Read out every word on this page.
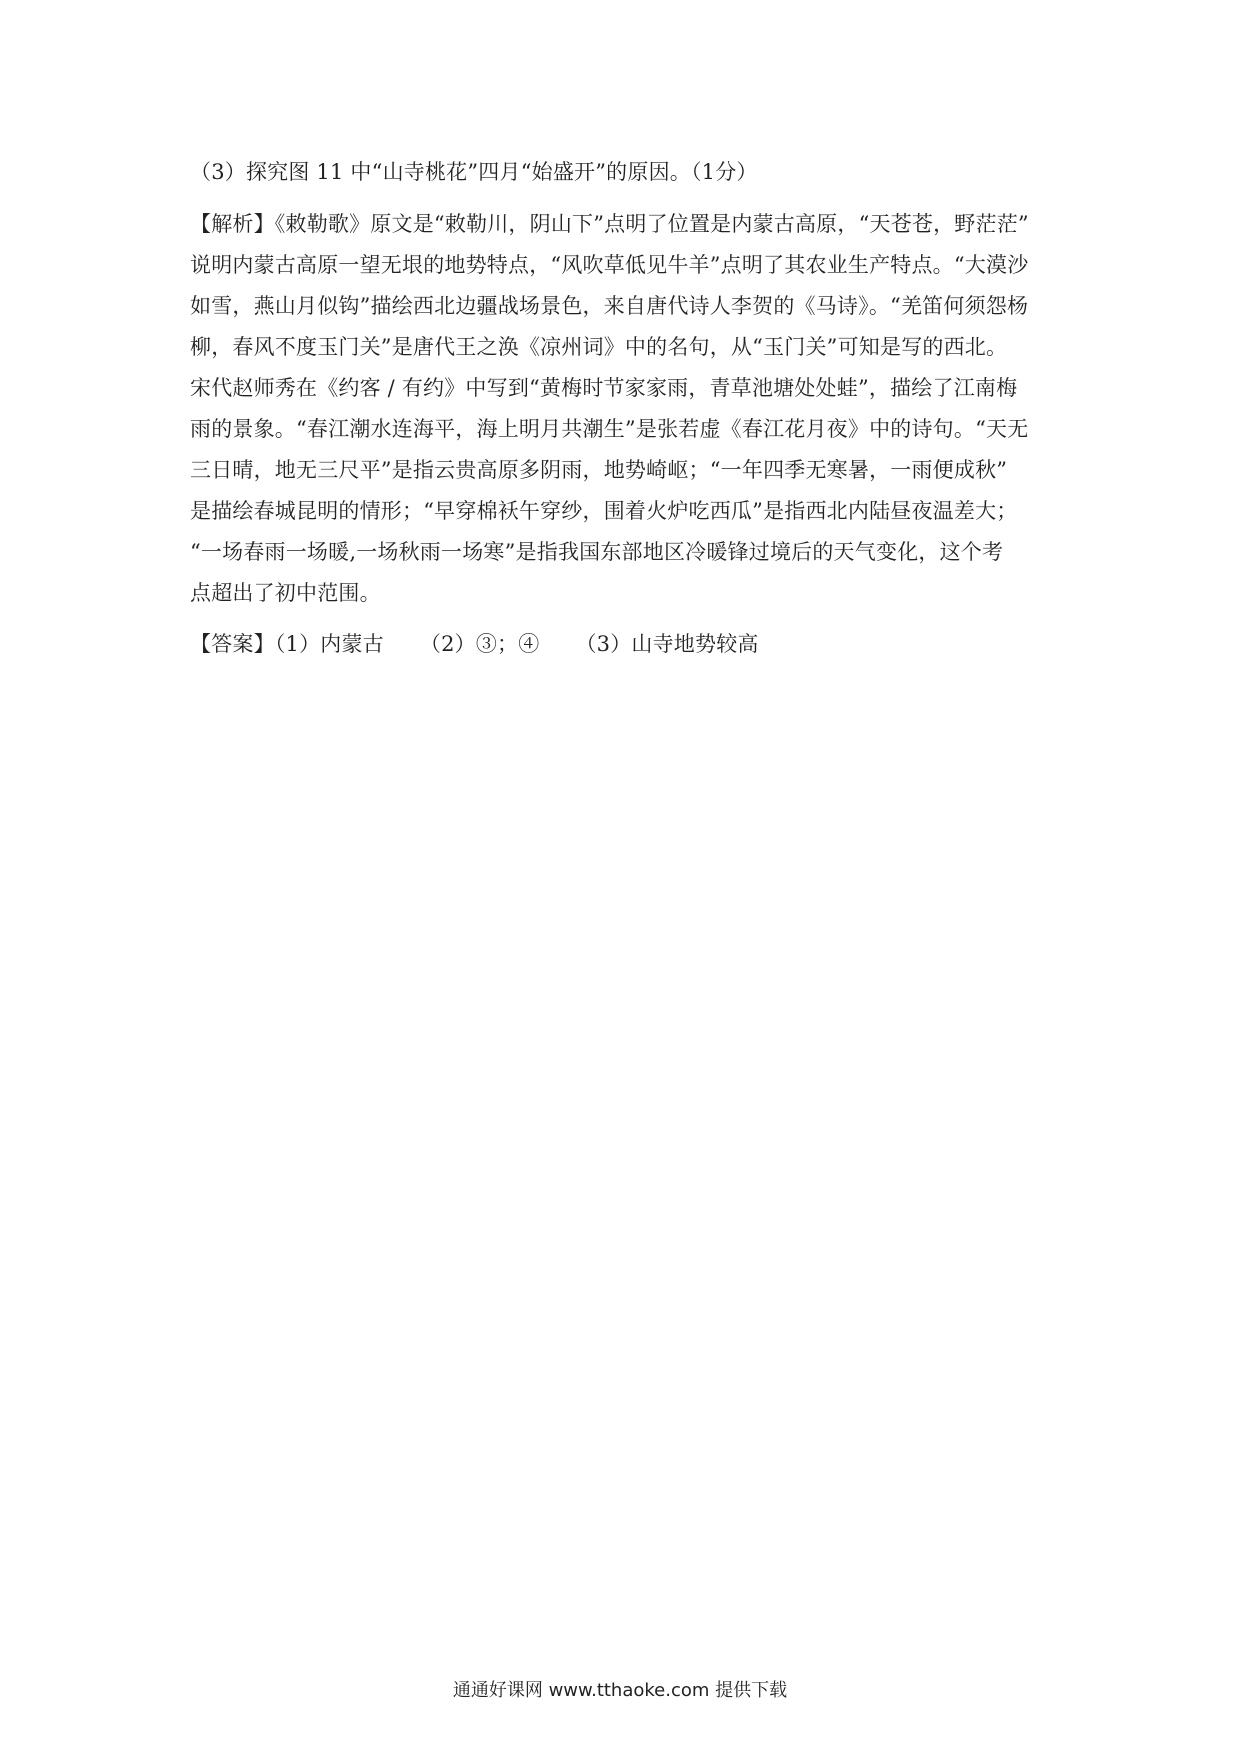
（3）探究图 11 中“山寺桃花”四月“始盛开”的原因。（1分）
【解析】《敕勒歌》原文是“敕勒川，阴山下”点明了位置是内蒙古高原，“天苍苍，野茫茫”
说明内蒙古高原一望无垠的地势特点，“风吹草低见牛羊”点明了其农业生产特点。“大漠沙
如雪，燕山月似钩”描绘西北边疆战场景色，来自唐代诗人李贺的《马诗》。“羌笛何须怨杨
柳，春风不度玉门关”是唐代王之涣《凉州词》中的名句，从“玉门关”可知是写的西北。
宋代赵师秀在《约客 / 有约》中写到“黄梅时节家家雨，青草池塘处处蛙”，描绘了江南梅
雨的景象。“春江潮水连海平，海上明月共潮生”是张若虚《春江花月夜》中的诗句。“天无
三日晴，地无三尺平”是指云贵高原多阴雨，地势崎岖；“一年四季无寒暑，一雨便成秋”
是描绘春城昆明的情形；“早穿棉袄午穿纱，围着火炉吃西瓜”是指西北内陆昼夜温差大；
“一场春雨一场暖,一场秋雨一场寒”是指我国东部地区冷暖锋过境后的天气变化，这个考
点超出了初中范围。
【答案】（1）内蒙古 （2）③；④ （3）山寺地势较高
通通好课网 www.tthaoke.com 提供下载
